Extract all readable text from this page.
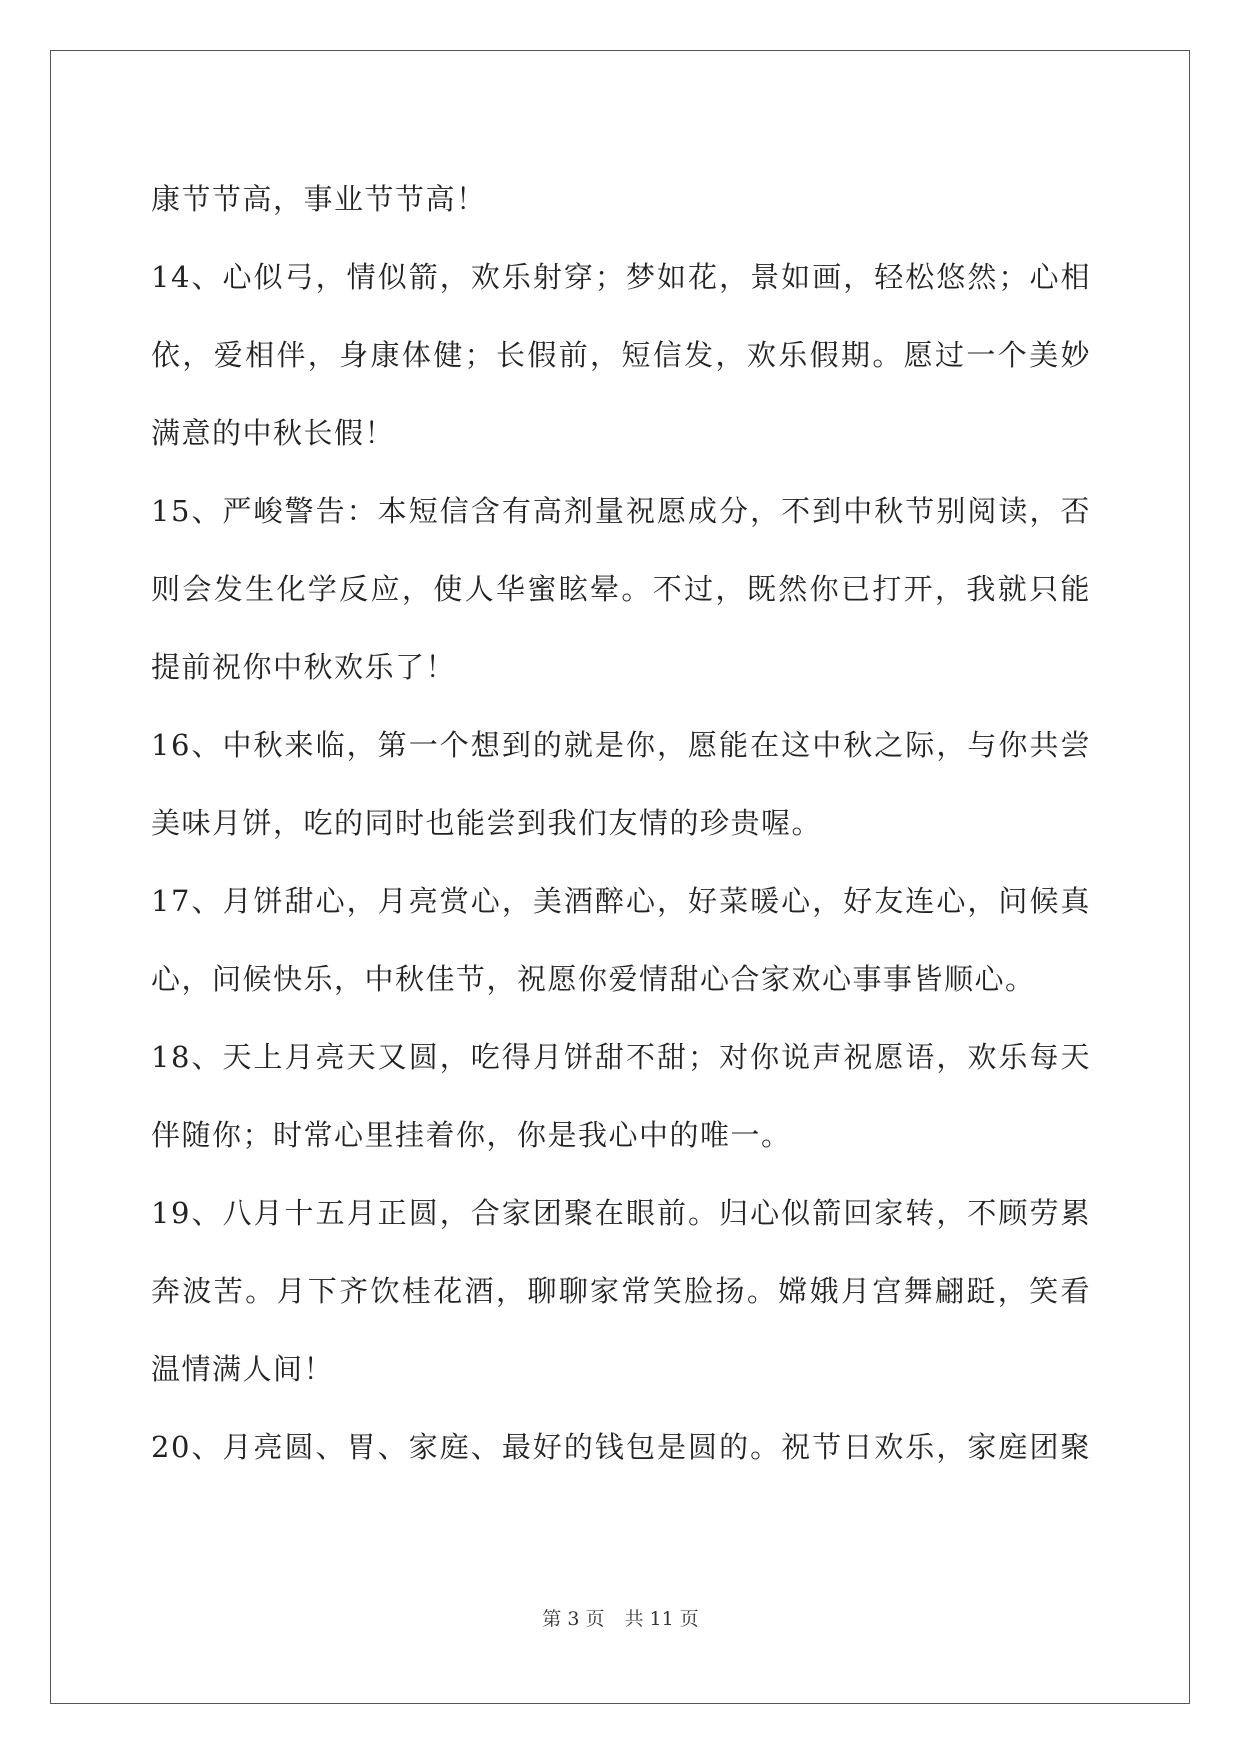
康节节高，事业节节高！
14、心似弓，情似箭，欢乐射穿；梦如花，景如画，轻松悠然；心相
依，爱相伴，身康体健；长假前，短信发，欢乐假期。愿过一个美妙
满意的中秋长假！
15、严峻警告：本短信含有高剂量祝愿成分，不到中秋节别阅读，否
则会发生化学反应，使人华蜜眩晕。不过，既然你已打开，我就只能
提前祝你中秋欢乐了！
16、中秋来临，第一个想到的就是你，愿能在这中秋之际，与你共尝
美味月饼，吃的同时也能尝到我们友情的珍贵喔。
17、月饼甜心，月亮赏心，美酒醉心，好菜暖心，好友连心，问候真
心，问候快乐，中秋佳节，祝愿你爱情甜心合家欢心事事皆顺心。
18、天上月亮天又圆，吃得月饼甜不甜；对你说声祝愿语，欢乐每天
伴随你；时常心里挂着你，你是我心中的唯一。
19、八月十五月正圆，合家团聚在眼前。归心似箭回家转，不顾劳累
奔波苦。月下齐饮桂花酒，聊聊家常笑脸扬。嫦娥月宫舞翩跹，笑看
温情满人间！
20、月亮圆、胃、家庭、最好的钱包是圆的。祝节日欢乐，家庭团聚
第 3 页 共 11 页
